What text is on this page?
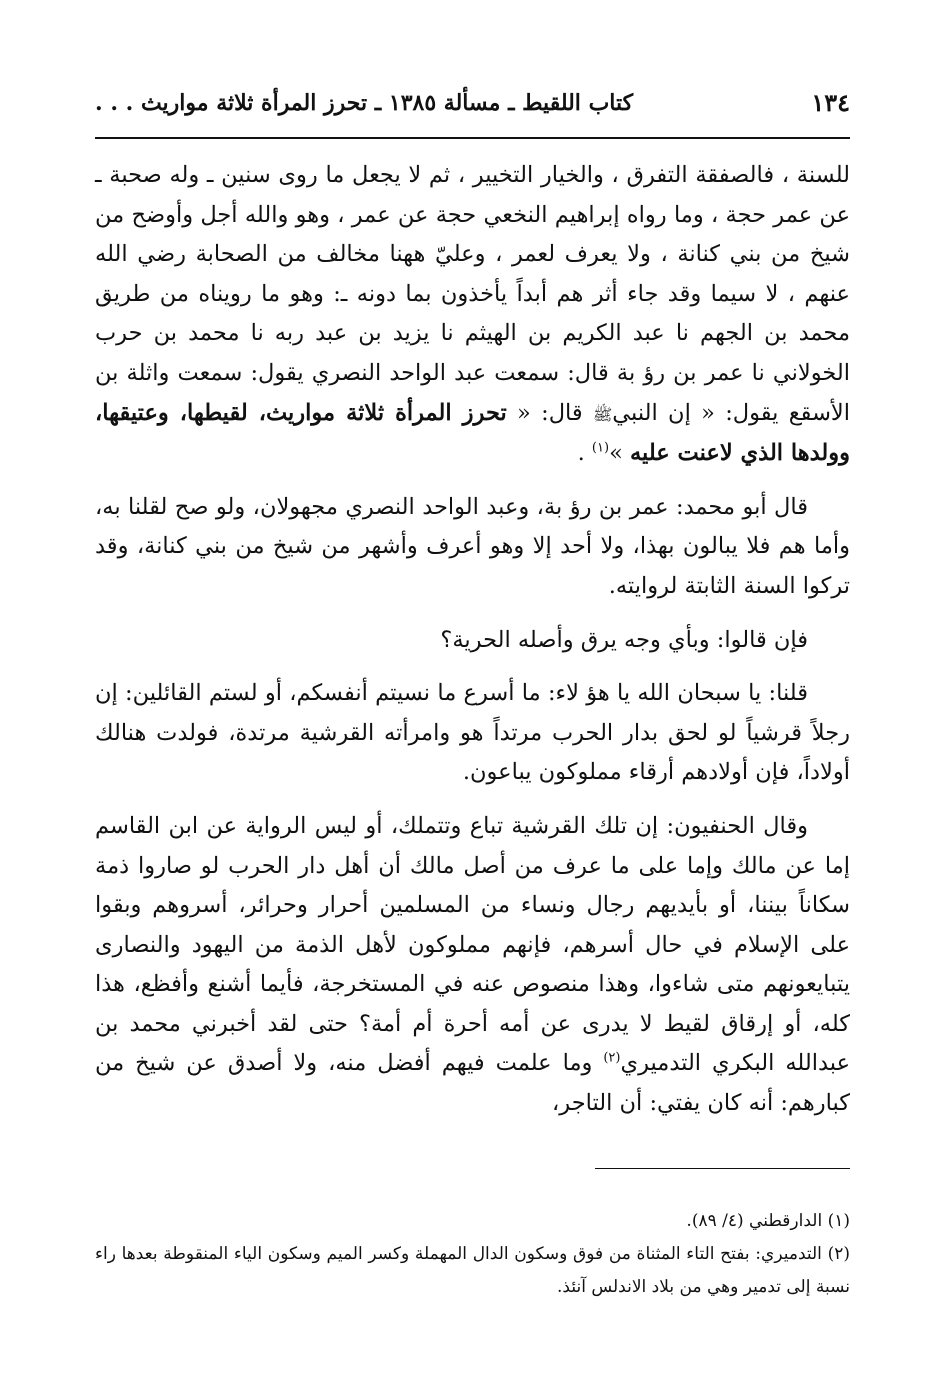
١٣٤
كتاب اللقيط ـ مسألة ١٣٨٥ ـ تحرز المرأة ثلاثة مواريث . . .

للسنة ، فالصفقة التفرق ، والخيار التخيير ، ثم لا يجعل ما روى سنين ـ وله صحبة ـ عن عمر حجة ، وما رواه إبراهيم النخعي حجة عن عمر ، وهو والله أجل وأوضح من شيخ من بني كنانة ، ولا يعرف لعمر ، وعليّ ههنا مخالف من الصحابة رضي الله عنهم ، لا سيما وقد جاء أثر هم أبداً يأخذون بما دونه ـ: وهو ما رويناه من طريق محمد بن الجهم نا عبد الكريم بن الهيثم نا يزيد بن عبد ربه نا محمد بن حرب الخولاني نا عمر بن رؤ بة قال: سمعت عبد الواحد النصري يقول: سمعت واثلة بن الأسقع يقول: « إن النبيﷺ قال: « تحرز المرأة ثلاثة مواريث، لقيطها، وعتيقها، وولدها الذي لاعنت عليه »$^{(١)}$ .

قال أبو محمد: عمر بن رؤ بة، وعبد الواحد النصري مجهولان، ولو صح لقلنا به، وأما هم فلا يبالون بهذا، ولا أحد إلا وهو أعرف وأشهر من شيخ من بني كنانة، وقد تركوا السنة الثابتة لروايته.

فإن قالوا: وبأي وجه يرق وأصله الحرية؟

قلنا: يا سبحان الله يا هؤ لاء: ما أسرع ما نسيتم أنفسكم، أو لستم القائلين: إن رجلاً قرشياً لو لحق بدار الحرب مرتداً هو وامرأته القرشية مرتدة، فولدت هنالك أولاداً، فإن أولادهم أرقاء مملوكون يباعون.

وقال الحنفيون: إن تلك القرشية تباع وتتملك، أو ليس الرواية عن ابن القاسم إما عن مالك وإما على ما عرف من أصل مالك أن أهل دار الحرب لو صاروا ذمة سكاناً بيننا، أو بأيديهم رجال ونساء من المسلمين أحرار وحرائر، أسروهم وبقوا على الإسلام في حال أسرهم، فإنهم مملوكون لأهل الذمة من اليهود والنصارى يتبايعونهم متى شاءوا، وهذا منصوص عنه في المستخرجة، فأيما أشنع وأفظع، هذا كله، أو إرقاق لقيط لا يدرى عن أمه أحرة أم أمة؟ حتى لقد أخبرني محمد بن عبدالله البكري التدميري$^{(٢)}$ وما علمت فيهم أفضل منه، ولا أصدق عن شيخ من كبارهم: أنه كان يفتي: أن التاجر،

(١) الدارقطني (٤/ ٨٩).

(٢) التدميري: بفتح التاء المثناة من فوق وسكون الدال المهملة وكسر الميم وسكون الياء المنقوطة بعدها راء نسبة إلى تدمير وهي من بلاد الاندلس آنئذ.
